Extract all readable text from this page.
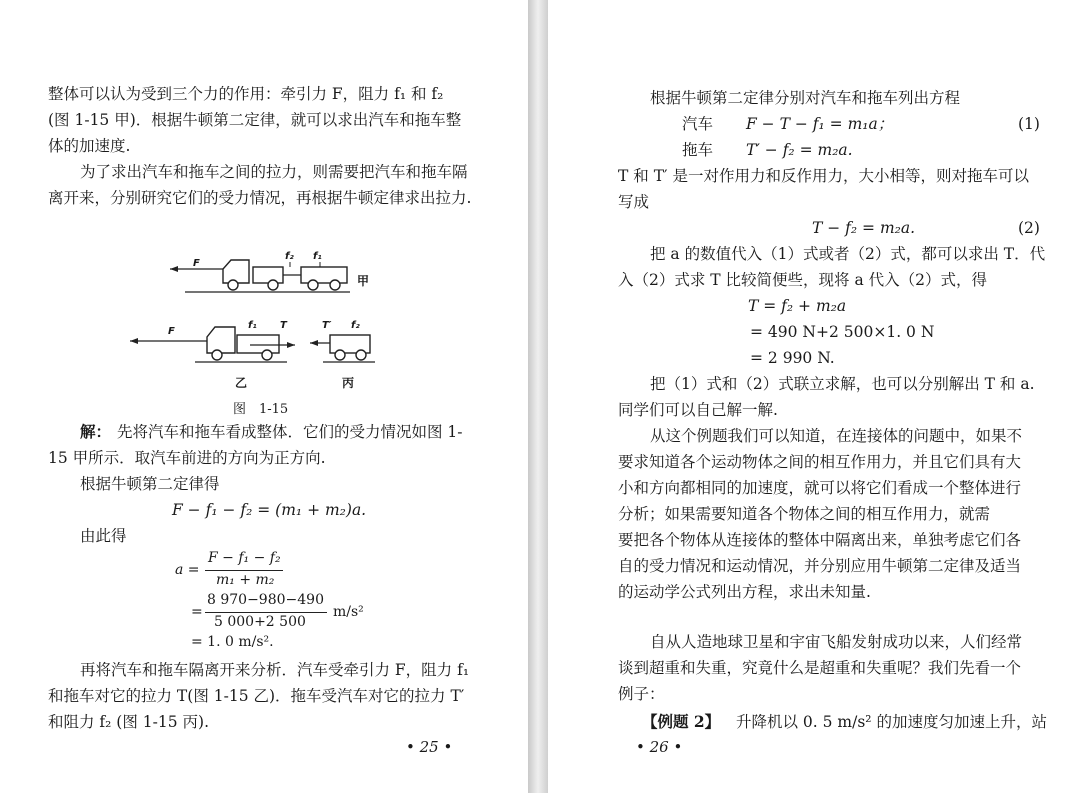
整体可以认为受到三个力的作用：牵引力 F，阻力 f₁ 和 f₂
(图 1-15 甲)．根据牛顿第二定律，就可以求出汽车和拖车整
体的加速度.
为了求出汽车和拖车之间的拉力，则需要把汽车和拖车隔
离开来，分别研究它们的受力情况，再根据牛顿定律求出拉力.
F
f₂ f₁
甲
F
f₁ T	T′ f₂
乙	丙
图　1-15
解： 先将汽车和拖车看成整体．它们的受力情况如图 1-
15 甲所示．取汽车前进的方向为正方向.
根据牛顿第二定律得
F − f₁ − f₂ = (m₁ + m₂)a.
由此得
a =
F − f₁ − f₂
m₁ + m₂
=
8 970−980−490
5 000+2 500
m/s²
= 1. 0 m/s².
再将汽车和拖车隔离开来分析．汽车受牵引力 F，阻力 f₁
和拖车对它的拉力 T(图 1-15 乙)．拖车受汽车对它的拉力 T′
和阻力 f₂ (图 1-15 丙).
• 25 •
根据牛顿第二定律分别对汽车和拖车列出方程
汽车 F − T − f₁ = m₁a；	(1)
拖车 T′ − f₂ = m₂a.
T 和 T′ 是一对作用力和反作用力，大小相等，则对拖车可以
写成
T − f₂ = m₂a.	(2)
把 a 的数值代入（1）式或者（2）式，都可以求出 T．代
入（2）式求 T 比较简便些，现将 a 代入（2）式，得
T = f₂ + m₂a
= 490 N+2 500×1. 0 N
= 2 990 N.
把（1）式和（2）式联立求解，也可以分别解出 T 和 a.
同学们可以自己解一解.
从这个例题我们可以知道，在连接体的问题中，如果不
要求知道各个运动物体之间的相互作用力，并且它们具有大
小和方向都相同的加速度，就可以将它们看成一个整体进行
分析；如果需要知道各个物体之间的相互作用力，就需
要把各个物体从连接体的整体中隔离出来，单独考虑它们各
自的受力情况和运动情况，并分别应用牛顿第二定律及适当
的运动学公式列出方程，求出未知量.
自从人造地球卫星和宇宙飞船发射成功以来，人们经常
谈到超重和失重，究竟什么是超重和失重呢？我们先看一个
例子：
【例题 2】 升降机以 0. 5 m/s² 的加速度匀加速上升，站
• 26 •
